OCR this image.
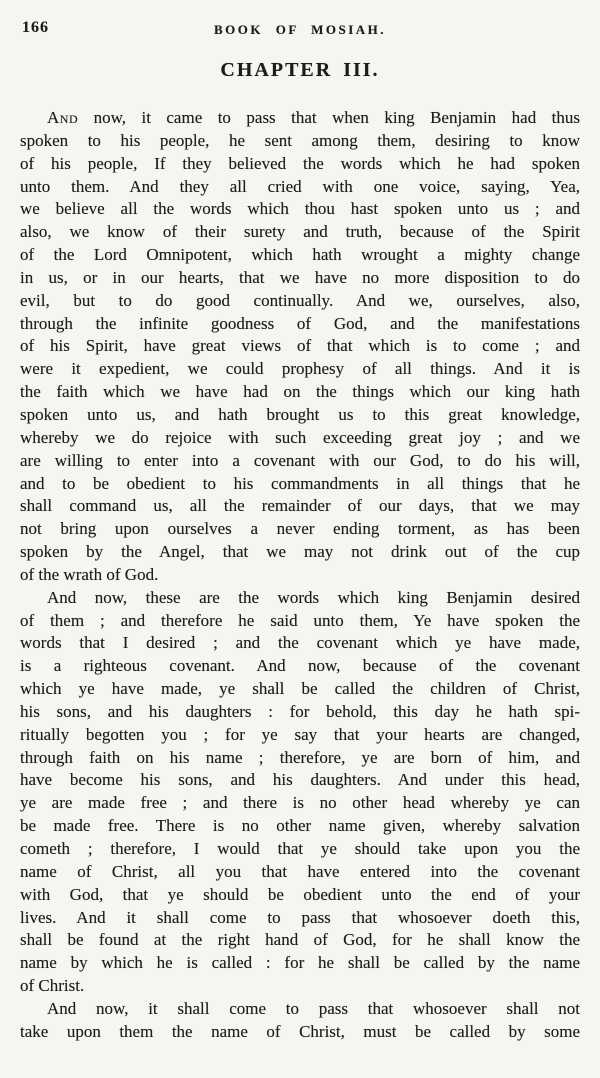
166	BOOK OF MOSIAH.
CHAPTER III.

And now, it came to pass that when king Benjamin had thus
spoken to his people, he sent among them, desiring to know
of his people, If they believed the words which he had spoken
unto them. And they all cried with one voice, saying, Yea,
we believe all the words which thou hast spoken unto us ; and
also, we know of their surety and truth, because of the Spirit
of the Lord Omnipotent, which hath wrought a mighty change
in us, or in our hearts, that we have no more disposition to do
evil, but to do good continually. And we, ourselves, also,
through the infinite goodness of God, and the manifestations
of his Spirit, have great views of that which is to come ; and
were it expedient, we could prophesy of all things. And it is
the faith which we have had on the things which our king hath
spoken unto us, and hath brought us to this great knowledge,
whereby we do rejoice with such exceeding great joy ; and we
are willing to enter into a covenant with our God, to do his will,
and to be obedient to his commandments in all things that he
shall command us, all the remainder of our days, that we may
not bring upon ourselves a never ending torment, as has been
spoken by the Angel, that we may not drink out of the cup
of the wrath of God.

And now, these are the words which king Benjamin desired
of them ; and therefore he said unto them, Ye have spoken the
words that I desired ; and the covenant which ye have made,
is a righteous covenant. And now, because of the covenant
which ye have made, ye shall be called the children of Christ,
his sons, and his daughters : for behold, this day he hath spi-
ritually begotten you ; for ye say that your hearts are changed,
through faith on his name ; therefore, ye are born of him, and
have become his sons, and his daughters. And under this head,
ye are made free ; and there is no other head whereby ye can
be made free. There is no other name given, whereby salvation
cometh ; therefore, I would that ye should take upon you the
name of Christ, all you that have entered into the covenant
with God, that ye should be obedient unto the end of your
lives. And it shall come to pass that whosoever doeth this,
shall be found at the right hand of God, for he shall know the
name by which he is called : for he shall be called by the name
of Christ.

And now, it shall come to pass that whosoever shall not
take upon them the name of Christ, must be called by some
